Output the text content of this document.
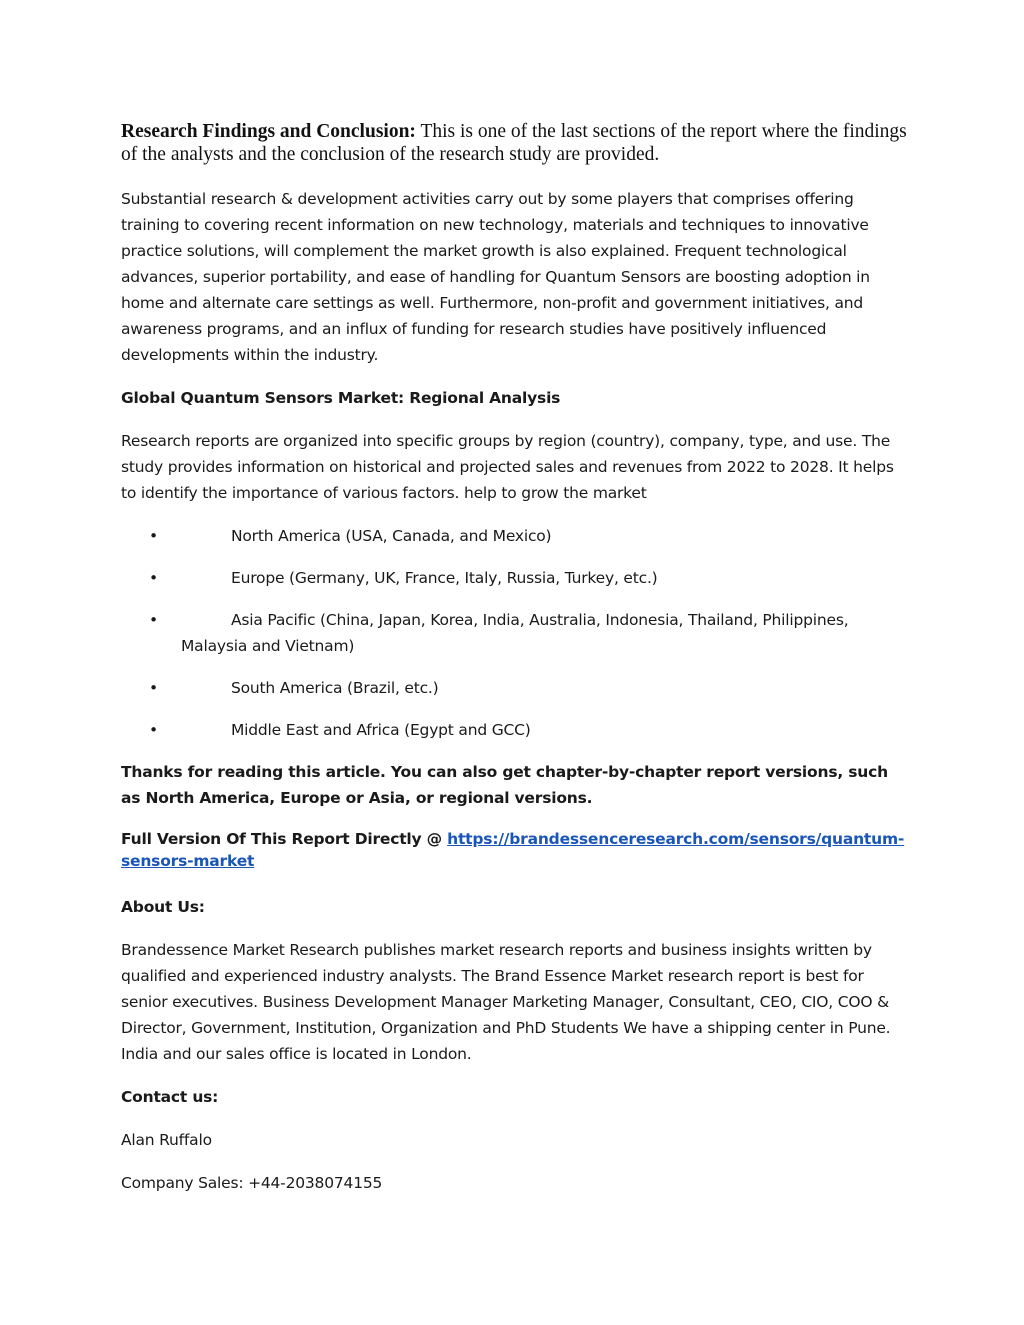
Research Findings and Conclusion: This is one of the last sections of the report where the findings of the analysts and the conclusion of the research study are provided.

Substantial research & development activities carry out by some players that comprises offering training to covering recent information on new technology, materials and techniques to innovative practice solutions, will complement the market growth is also explained. Frequent technological advances, superior portability, and ease of handling for Quantum Sensors are boosting adoption in home and alternate care settings as well. Furthermore, non-profit and government initiatives, and awareness programs, and an influx of funding for research studies have positively influenced developments within the industry.

Global Quantum Sensors Market: Regional Analysis

Research reports are organized into specific groups by region (country), company, type, and use. The study provides information on historical and projected sales and revenues from 2022 to 2028. It helps to identify the importance of various factors. help to grow the market

•	North America (USA, Canada, and Mexico)
•	Europe (Germany, UK, France, Italy, Russia, Turkey, etc.)
•	Asia Pacific (China, Japan, Korea, India, Australia, Indonesia, Thailand, Philippines,
Malaysia and Vietnam)
•	South America (Brazil, etc.)
•	Middle East and Africa (Egypt and GCC)

Thanks for reading this article. You can also get chapter-by-chapter report versions, such as North America, Europe or Asia, or regional versions.

Full Version Of This Report Directly @ https://brandessenceresearch.com/sensors/quantum-sensors-market

About Us:

Brandessence Market Research publishes market research reports and business insights written by qualified and experienced industry analysts. The Brand Essence Market research report is best for senior executives. Business Development Manager Marketing Manager, Consultant, CEO, CIO, COO & Director, Government, Institution, Organization and PhD Students We have a shipping center in Pune. India and our sales office is located in London.

Contact us:

Alan Ruffalo

Company Sales: +44-2038074155
